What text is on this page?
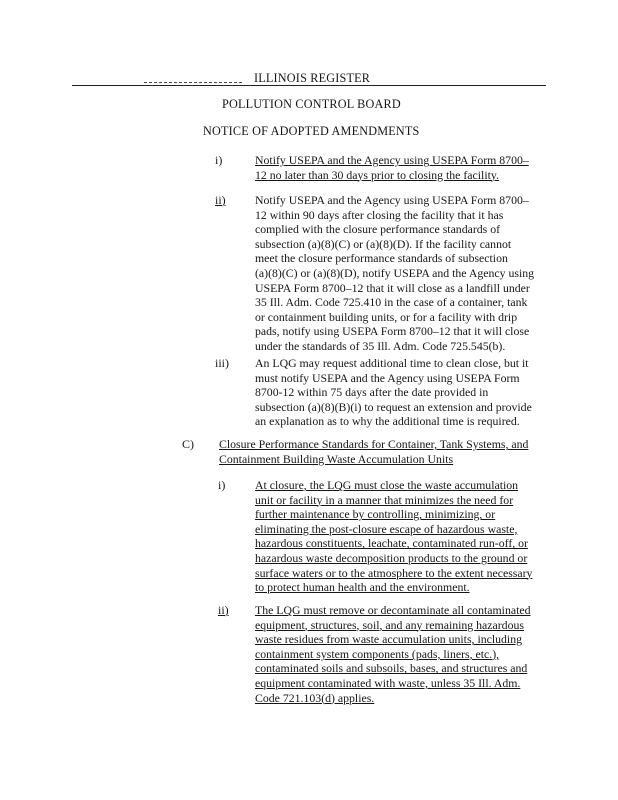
ILLINOIS REGISTER
POLLUTION CONTROL BOARD
NOTICE OF ADOPTED AMENDMENTS
i)	Notify USEPA and the Agency using USEPA Form 8700–
12 no later than 30 days prior to closing the facility.
ii) Notify USEPA and the Agency using USEPA Form 8700–
12 within 90 days after closing the facility that it has
complied with the closure performance standards of
subsection (a)(8)(C) or (a)(8)(D). If the facility cannot
meet the closure performance standards of subsection
(a)(8)(C) or (a)(8)(D), notify USEPA and the Agency using
USEPA Form 8700–12 that it will close as a landfill under
35 Ill. Adm. Code 725.410 in the case of a container, tank
or containment building units, or for a facility with drip
pads, notify using USEPA Form 8700–12 that it will close
under the standards of 35 Ill. Adm. Code 725.545(b).
iii) An LQG may request additional time to clean close, but it
must notify USEPA and the Agency using USEPA Form
8700-12 within 75 days after the date provided in
subsection (a)(8)(B)(i) to request an extension and provide
an explanation as to why the additional time is required.
C) Closure Performance Standards for Container, Tank Systems, and
Containment Building Waste Accumulation Units
i)	At closure, the LQG must close the waste accumulation
unit or facility in a manner that minimizes the need for
further maintenance by controlling, minimizing, or
eliminating the post-closure escape of hazardous waste,
hazardous constituents, leachate, contaminated run-off, or
hazardous waste decomposition products to the ground or
surface waters or to the atmosphere to the extent necessary
to protect human health and the environment.
ii) The LQG must remove or decontaminate all contaminated
equipment, structures, soil, and any remaining hazardous
waste residues from waste accumulation units, including
containment system components (pads, liners, etc.),
contaminated soils and subsoils, bases, and structures and
equipment contaminated with waste, unless 35 Ill. Adm.
Code 721.103(d) applies.
